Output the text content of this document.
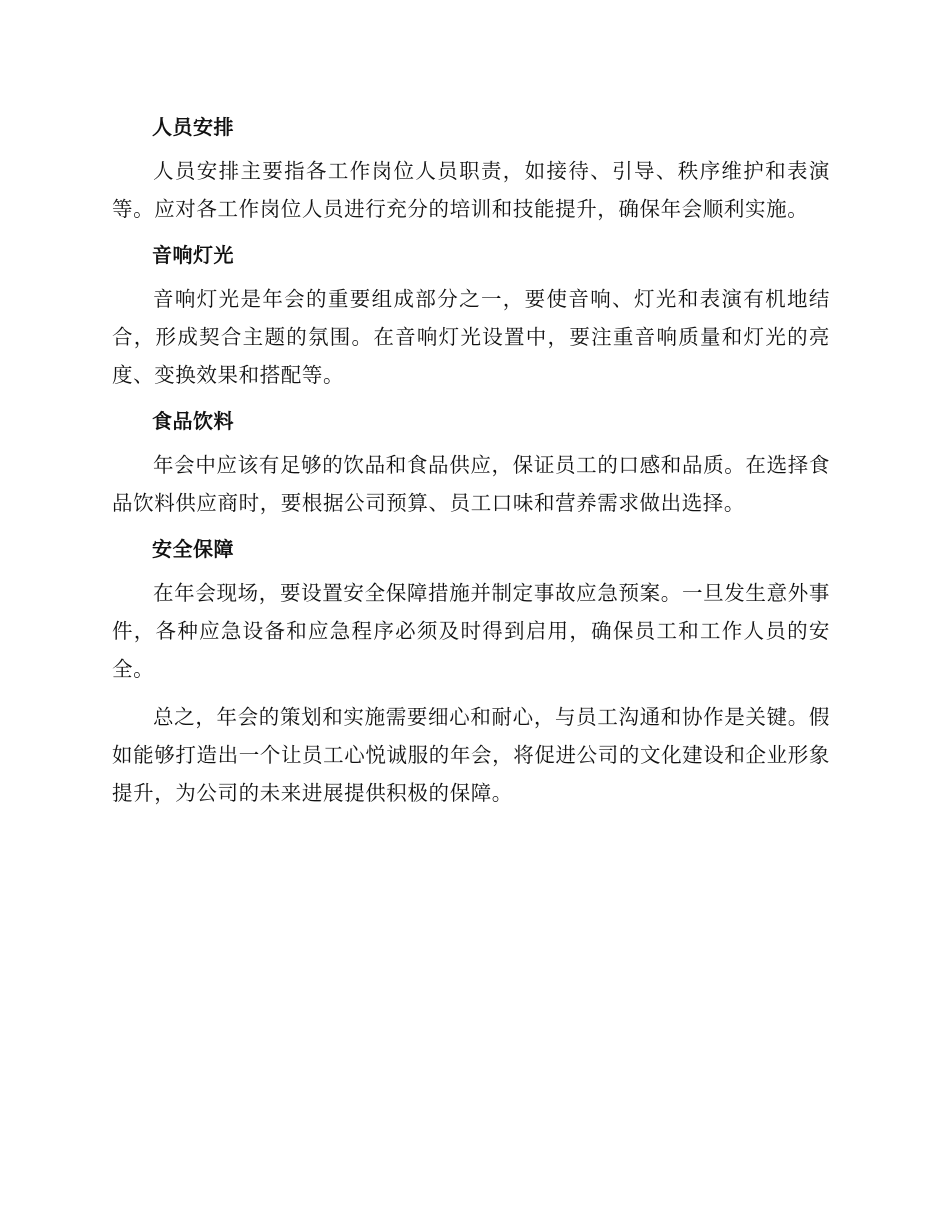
人员安排

人员安排主要指各工作岗位人员职责，如接待、引导、秩序维护和表演等。应对各工作岗位人员进行充分的培训和技能提升，确保年会顺利实施。

音响灯光

音响灯光是年会的重要组成部分之一，要使音响、灯光和表演有机地结合，形成契合主题的氛围。在音响灯光设置中，要注重音响质量和灯光的亮度、变换效果和搭配等。

食品饮料

年会中应该有足够的饮品和食品供应，保证员工的口感和品质。在选择食品饮料供应商时，要根据公司预算、员工口味和营养需求做出选择。

安全保障

在年会现场，要设置安全保障措施并制定事故应急预案。一旦发生意外事件，各种应急设备和应急程序必须及时得到启用，确保员工和工作人员的安全。

总之，年会的策划和实施需要细心和耐心，与员工沟通和协作是关键。假如能够打造出一个让员工心悦诚服的年会，将促进公司的文化建设和企业形象提升，为公司的未来进展提供积极的保障。
